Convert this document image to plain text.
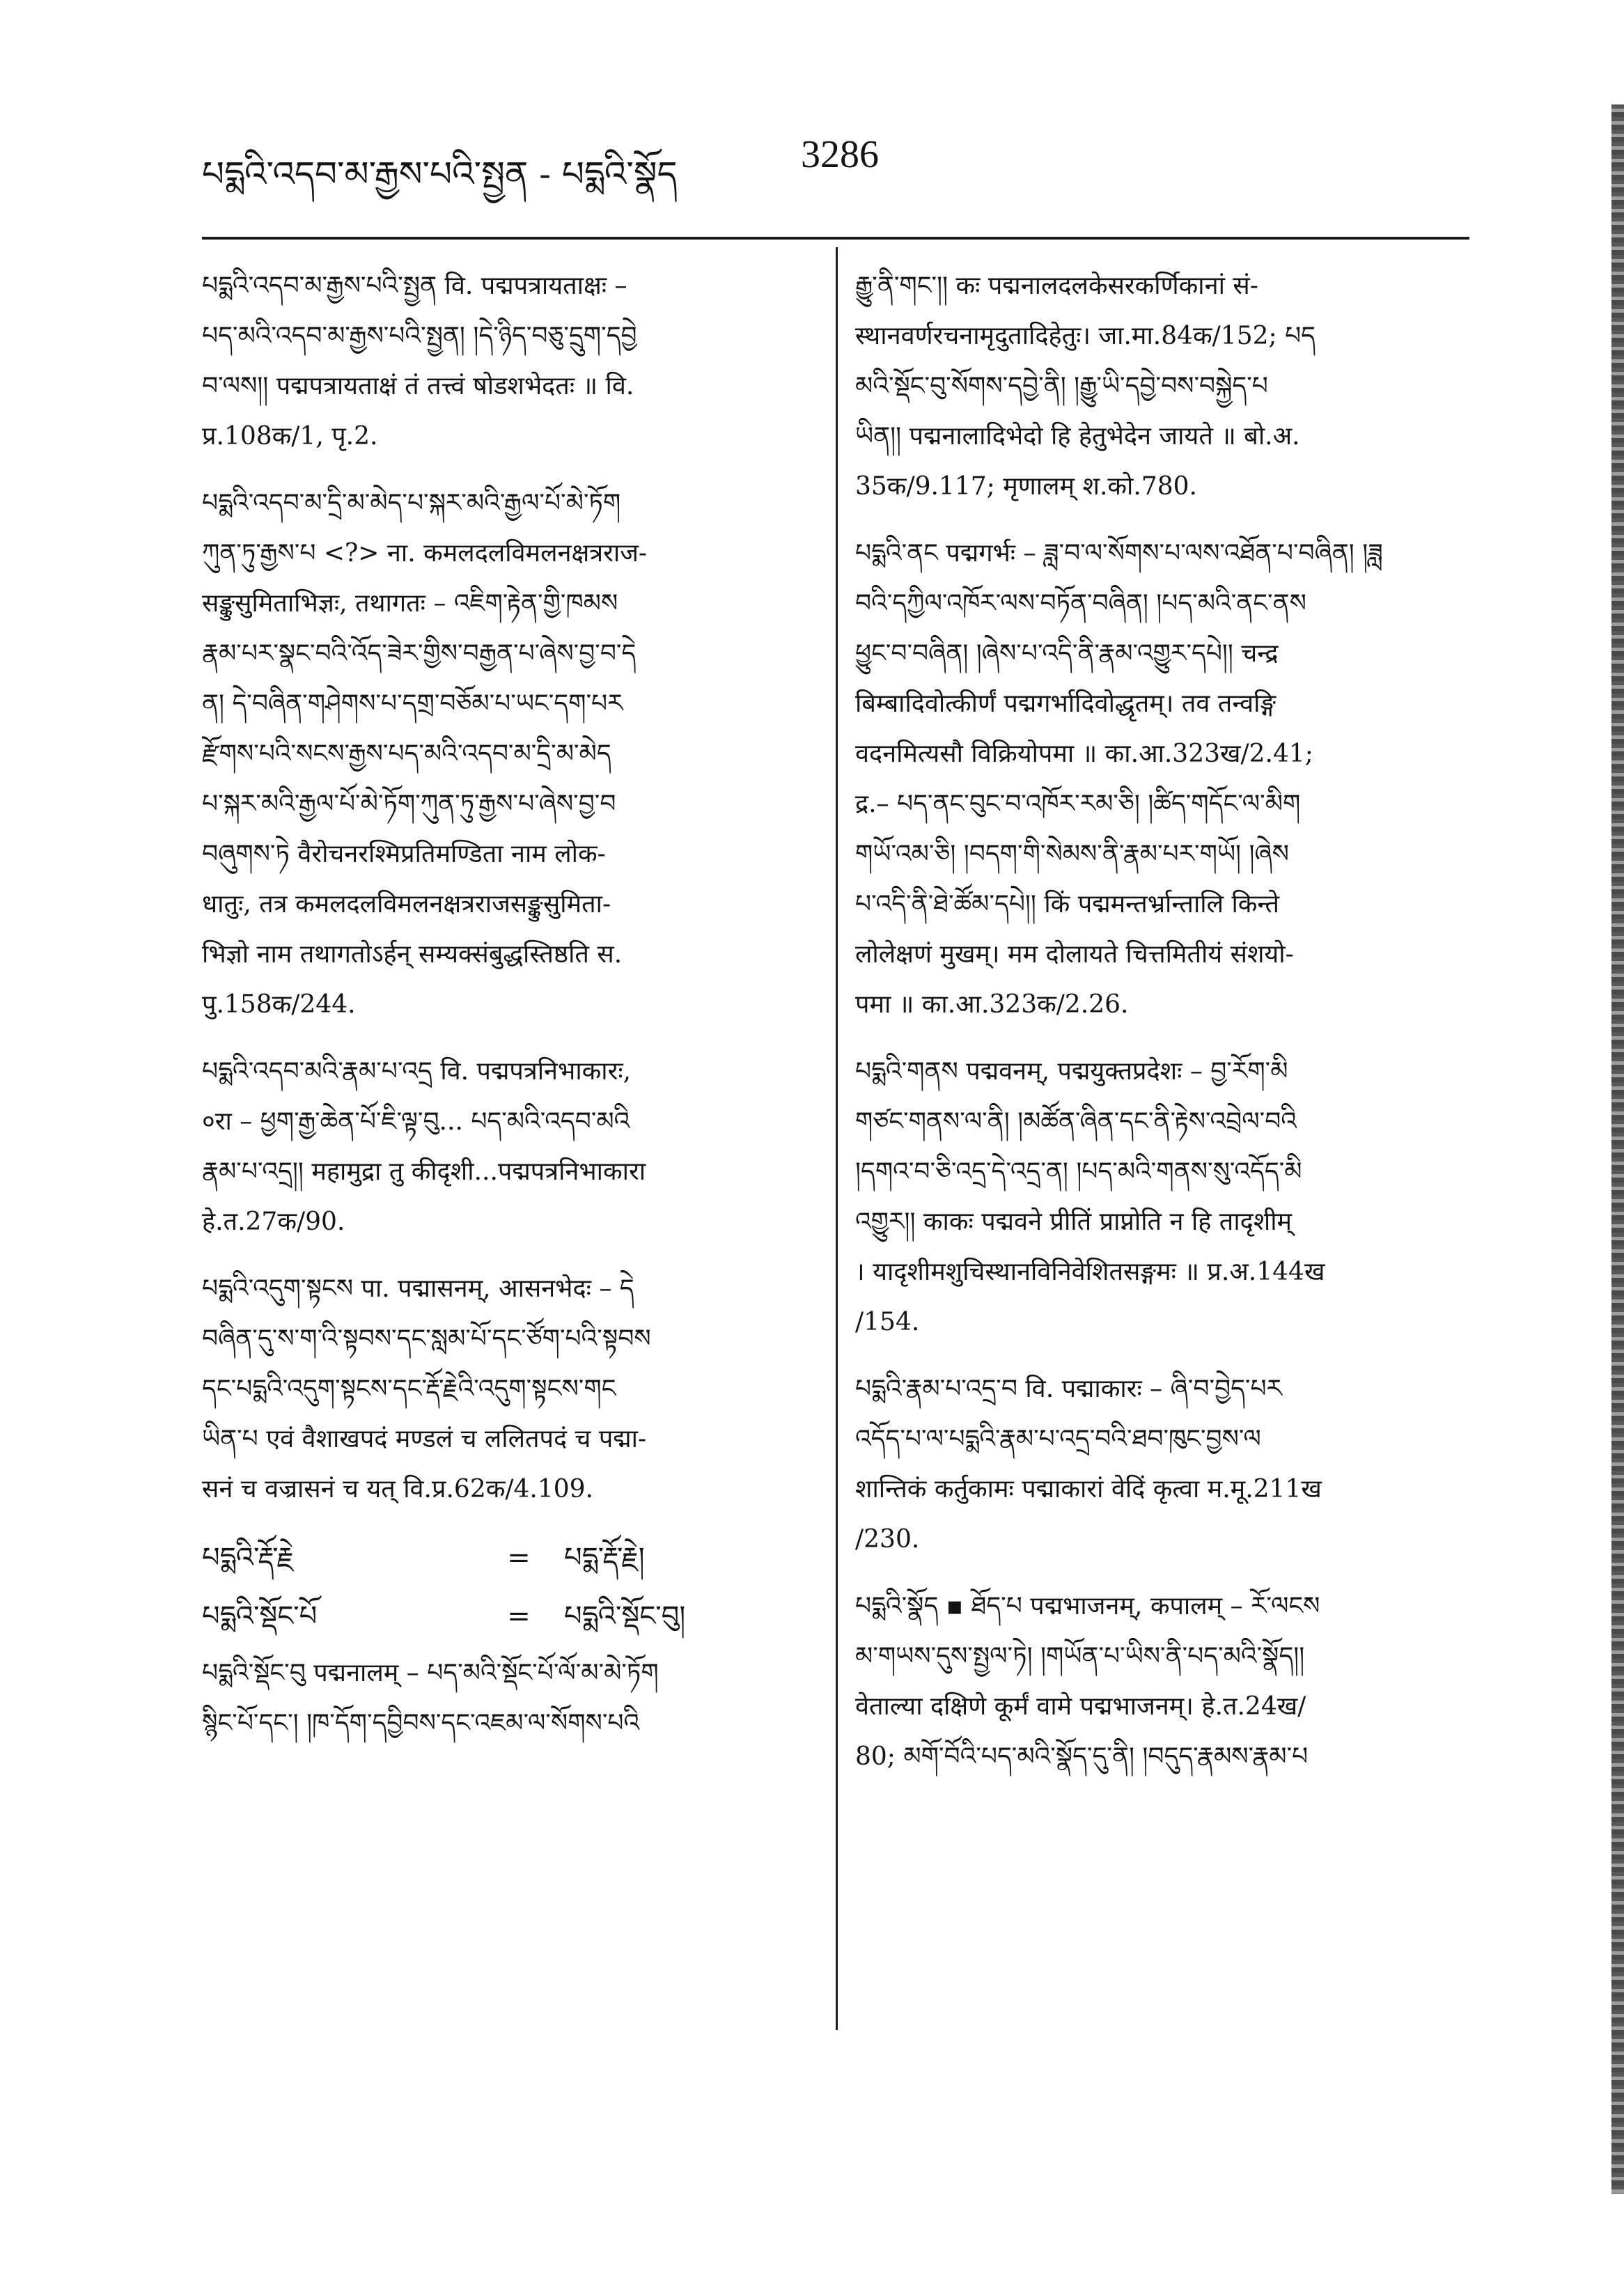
པདྨའི་འདབ་མ་རྒྱས་པའི་སྤྱན - པདྨའི་སྣོད	3286
པདྨའི་འདབ་མ་རྒྱས་པའི་སྤྱན वि. पद्मपत्रायताक्षः –
པད་མའི་འདབ་མ་རྒྱས་པའི་སྤྱན། །དེ་ཉིད་བཅུ་དྲུག་དབྱེ
བ་ལས།། पद्मपत्रायताक्षं तं तत्त्वं षोडशभेदतः ॥ वि.
प्र.108क/1, पृ.2.
པདྨའི་འདབ་མ་དྲི་མ་མེད་པ་སྐར་མའི་རྒྱལ་པོ་མེ་ཏོག
ཀུན་ཏུ་རྒྱས་པ <?> ना. कमलदलविमलनक्षत्रराज-
सङ्कुसुमिताभिज्ञः, तथागतः – འཇིག་རྟེན་གྱི་ཁམས
རྣམ་པར་སྣང་བའི་འོད་ཟེར་གྱིས་བརྒྱན་པ་ཞེས་བྱ་བ་དེ
ན། དེ་བཞིན་གཤེགས་པ་དགྲ་བཅོམ་པ་ཡང་དག་པར
རྫོགས་པའི་སངས་རྒྱས་པད་མའི་འདབ་མ་དྲི་མ་མེད
པ་སྐར་མའི་རྒྱལ་པོ་མེ་ཏོག་ཀུན་ཏུ་རྒྱས་པ་ཞེས་བྱ་བ
བཞུགས་ཏེ वैरोचनरश्मिप्रतिमण्डिता नाम लोक-
धातुः, तत्र कमलदलविमलनक्षत्रराजसङ्कुसुमिता-
भिज्ञो नाम तथागतोऽर्हन् सम्यक्संबुद्धस्तिष्ठति स.
पु.158क/244.
པདྨའི་འདབ་མའི་རྣམ་པ་འདྲ वि. पद्मपत्रनिभाकारः,
०रा – ཕྱག་རྒྱ་ཆེན་པོ་ཇི་ལྟ་བུ... པད་མའི་འདབ་མའི
རྣམ་པ་འདྲ།། महामुद्रा तु कीदृशी...पद्मपत्रनिभाकारा
हे.त.27क/90.
པདྨའི་འདུག་སྟངས पा. पद्मासनम्, आसनभेदः – དེ
བཞིན་དུ་ས་ག་འི་སྟབས་དང་སླམ་པོ་དང་ཙོག་པའི་སྟབས
དང་པདྨའི་འདུག་སྟངས་དང་རྡོ་རྗེའི་འདུག་སྟངས་གང
ཡིན་པ एवं वैशाखपदं मण्डलं च ललितपदं च पद्मा-
सनं च वज्रासनं च यत् वि.प्र.62क/4.109.
པདྨའི་རྡོ་རྗེ	=	པདྨ་རྡོ་རྗེ།
པདྨའི་སྡོང་པོ	=	པདྨའི་སྡོང་བུ།
པདྨའི་སྡོང་བུ पद्मनालम् – པད་མའི་སྡོང་པོ་ལོ་མ་མེ་ཏོག
སྙིང་པོ་དང་། །ཁ་དོག་དབྱིབས་དང་འཇམ་ལ་སོགས་པའི
རྒྱུ་ནི་གང་།། कः पद्मनालदलकेसरकर्णिकानां सं-
स्थानवर्णरचनामृदुतादिहेतुः। जा.मा.84क/152; པད
མའི་སྡོང་བུ་སོགས་དབྱེ་ནི། །རྒྱུ་ཡི་དབྱེ་བས་བསྐྱེད་པ
ཡིན།། पद्मनालादिभेदो हि हेतुभेदेन जायते ॥ बो.अ.
35क/9.117; मृणालम् श.को.780.
པདྨའི་ནང पद्मगर्भः – ཟླ་བ་ལ་སོགས་པ་ལས་འཐོན་པ་བཞིན། །ཟླ
བའི་དཀྱིལ་འཁོར་ལས་བཏོན་བཞིན། །པད་མའི་ནང་ནས
ཕྱུང་བ་བཞིན། །ཞེས་པ་འདི་ནི་རྣམ་འགྱུར་དཔེ།། चन्द्र
बिम्बादिवोत्कीर्णं पद्मगर्भादिवोद्धृतम्। तव तन्वङ्गि
वदनमित्यसौ विक्रियोपमा ॥ का.आ.323ख/2.41;
द्र.– པད་ནང་བུང་བ་འཁོར་རམ་ཅི། །ཚིད་གདོང་ལ་མིག
གཡོ་འམ་ཅི། །བདག་གི་སེམས་ནི་རྣམ་པར་གཡོ། །ཞེས
པ་འདི་ནི་ཐེ་ཚོམ་དཔེ།། किं पद्ममन्तर्भ्रान्तालि किन्ते
लोलेक्षणं मुखम्। मम दोलायते चित्तमितीयं संशयो-
पमा ॥ का.आ.323क/2.26.
པདྨའི་གནས पद्मवनम्, पद्मयुक्तप्रदेशः – བྱ་རོག་མི
གཙང་གནས་ལ་ནི། །མཚོན་ཞིན་དང་ནི་རྟེས་འབྲེལ་བའི
།དགའ་བ་ཅི་འདྲ་དེ་འདྲ་ན། །པད་མའི་གནས་སུ་འདོད་མི
འགྱུར།། काकः पद्मवने प्रीतिं प्राप्नोति न हि तादृशीम्
। यादृशीमशुचिस्थानविनिवेशितसङ्गमः ॥ प्र.अ.144ख
/154.
པདྨའི་རྣམ་པ་འདྲ་བ वि. पद्माकारः – ཞི་བ་བྱེད་པར
འདོད་པ་ལ་པདྨའི་རྣམ་པ་འདྲ་བའི་ཐབ་ཁུང་བྱས་ལ
शान्तिकं कर्तुकामः पद्माकारां वेदिं कृत्वा म.मू.211ख
/230.
པདྨའི་སྣོད ▪ ཐོད་པ पद्मभाजनम्, कपालम् – རོ་ལངས
མ་གཡས་དུས་སྤྱལ་ཏེ། །གཡོན་པ་ཡིས་ནི་པད་མའི་སྣོད།།
वेताल्या दक्षिणे कूर्मं वामे पद्मभाजनम्। हे.त.24ख/
80; མགོ་བོའི་པད་མའི་སྣོད་དུ་ནི། །བདུད་རྣམས་རྣམ་པ
